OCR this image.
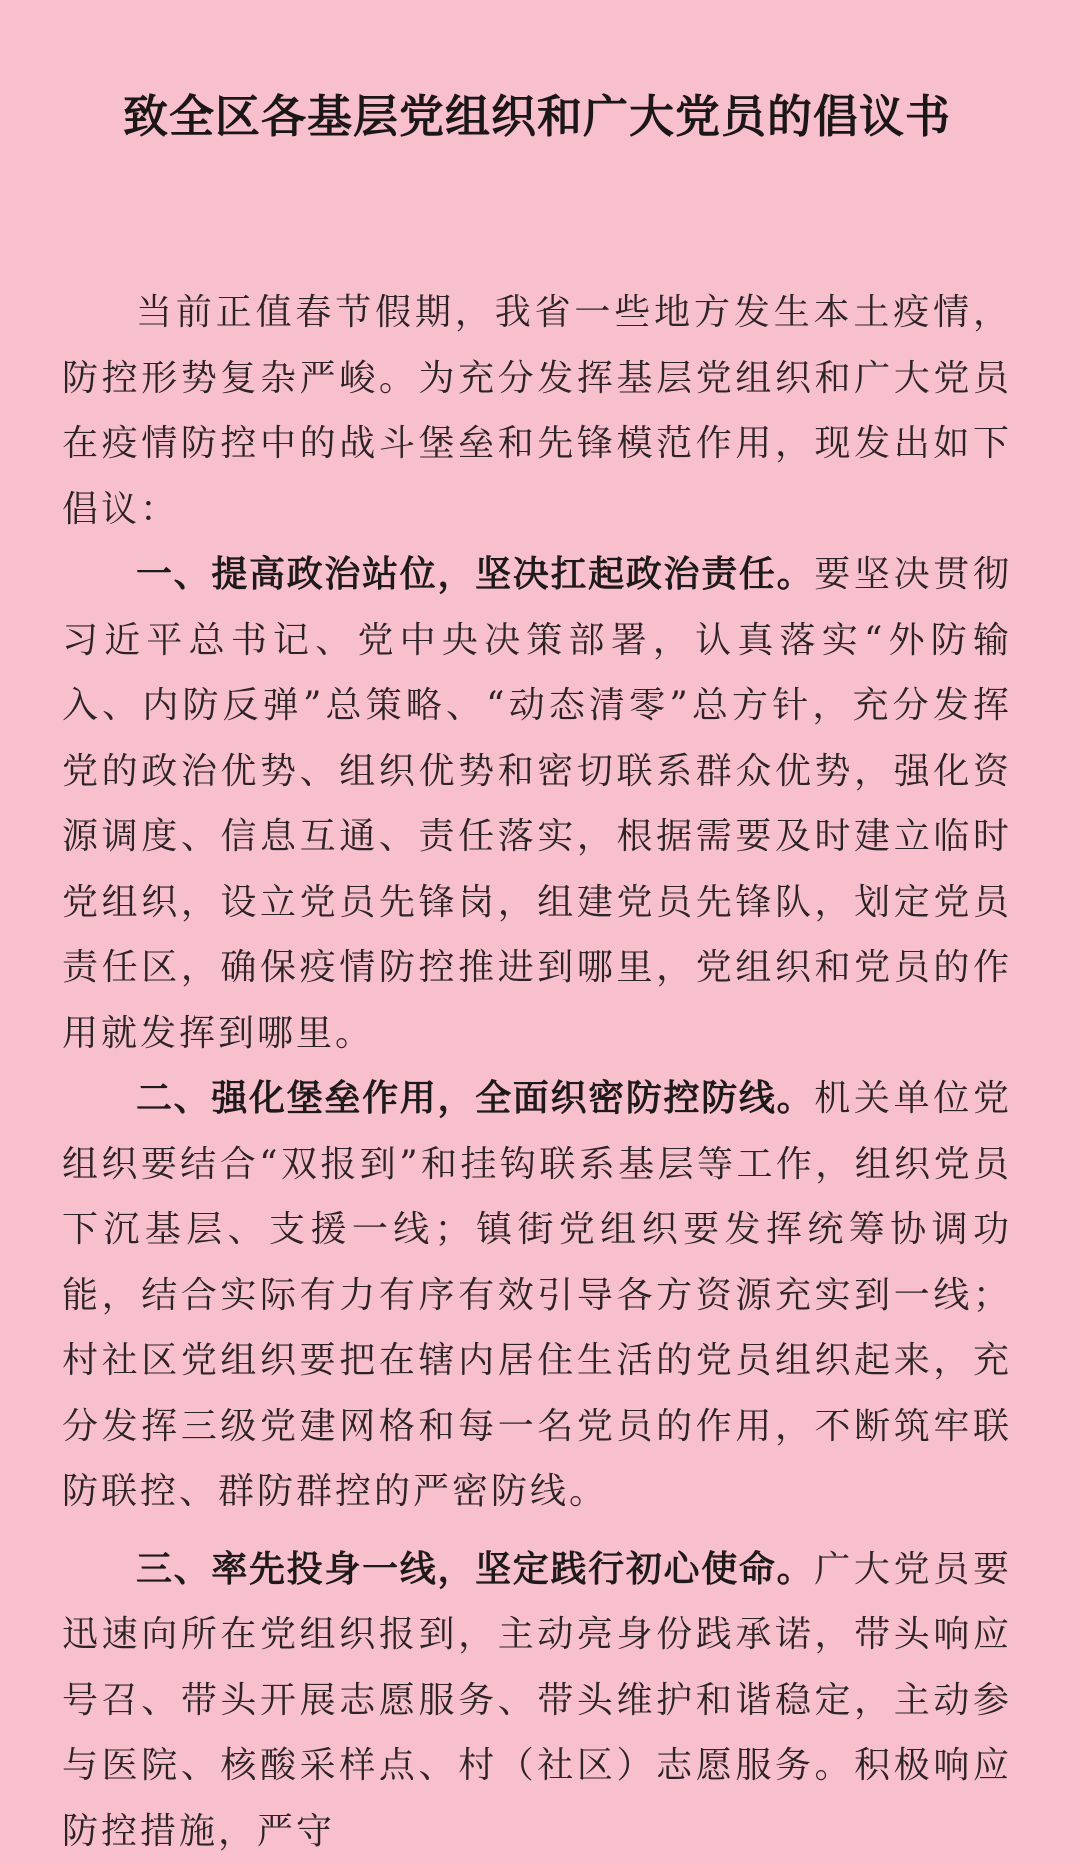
致全区各基层党组织和广大党员的倡议书

当前正值春节假期，我省一些地方发生本土疫情，防控形势复杂严峻。为充分发挥基层党组织和广大党员在疫情防控中的战斗堡垒和先锋模范作用，现发出如下倡议：

一、提高政治站位，坚决扛起政治责任。要坚决贯彻习近平总书记、党中央决策部署，认真落实“外防输入、内防反弹”总策略、“动态清零”总方针，充分发挥党的政治优势、组织优势和密切联系群众优势，强化资源调度、信息互通、责任落实，根据需要及时建立临时党组织，设立党员先锋岗，组建党员先锋队，划定党员责任区，确保疫情防控推进到哪里，党组织和党员的作用就发挥到哪里。

二、强化堡垒作用，全面织密防控防线。机关单位党组织要结合“双报到”和挂钩联系基层等工作，组织党员下沉基层、支援一线；镇街党组织要发挥统筹协调功能，结合实际有力有序有效引导各方资源充实到一线；村社区党组织要把在辖内居住生活的党员组织起来，充分发挥三级党建网格和每一名党员的作用，不断筑牢联防联控、群防群控的严密防线。

三、率先投身一线，坚定践行初心使命。广大党员要迅速向所在党组织报到，主动亮身份践承诺，带头响应号召、带头开展志愿服务、带头维护和谐稳定，主动参与医院、核酸采样点、村（社区）志愿服务。积极响应防控措施，严守
